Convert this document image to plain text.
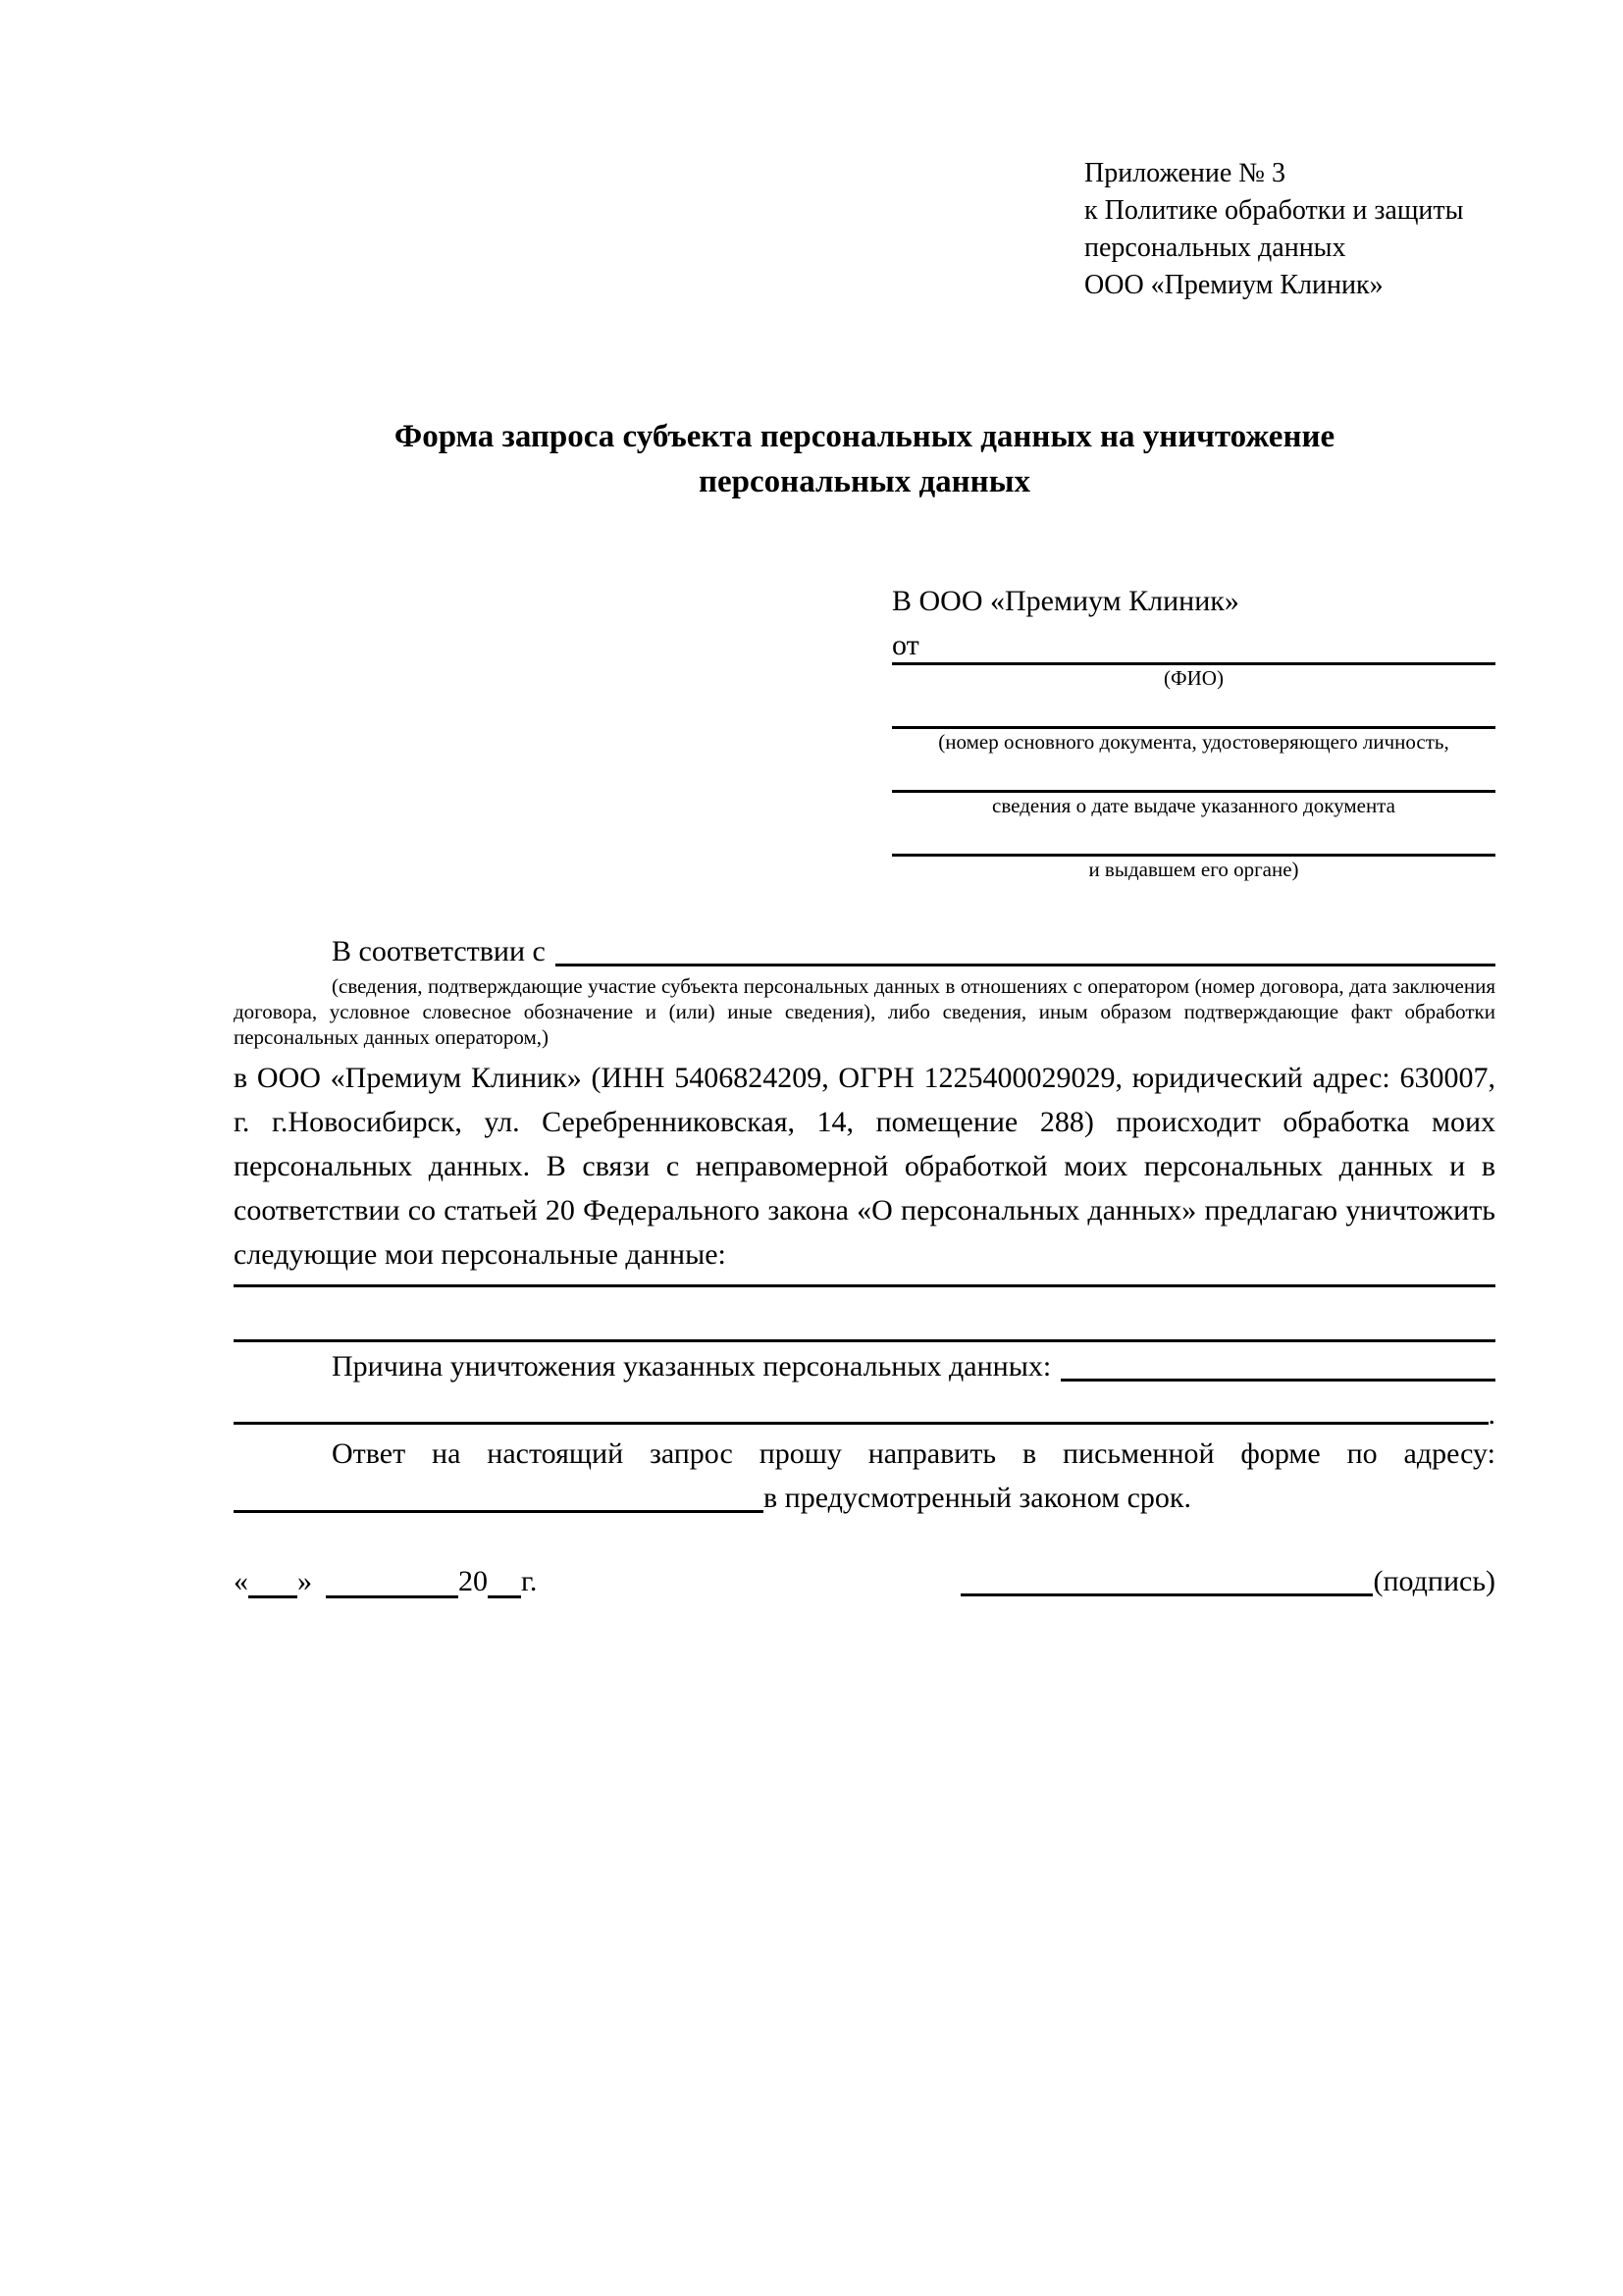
Приложение № 3
к Политике обработки и защиты
персональных данных
ООО «Премиум Клиник»
Форма запроса субъекта персональных данных на уничтожение
персональных данных
В ООО «Премиум Клиник»
от
(ФИО)
(номер основного документа, удостоверяющего личность,
сведения о дате выдаче указанного документа
и выдавшем его органе)
В соответствии с
(сведения, подтверждающие участие субъекта персональных данных в отношениях с оператором (номер договора, дата заключения договора, условное словесное обозначение и (или) иные сведения), либо сведения, иным образом подтверждающие факт обработки персональных данных оператором,)
в ООО «Премиум Клиник» (ИНН 5406824209, ОГРН 1225400029029, юридический адрес: 630007, г. г.Новосибирск, ул. Серебренниковская, 14, помещение 288) происходит обработка моих персональных данных. В связи с неправомерной обработкой моих персональных данных и в соответствии со статьей 20 Федерального закона «О персональных данных» предлагаю уничтожить следующие мои персональные данные:
Причина уничтожения указанных персональных данных:
.
Ответ на настоящий запрос прошу направить в письменной форме по адресу:
в предусмотренный законом срок.
« »	20 г.	(подпись)
